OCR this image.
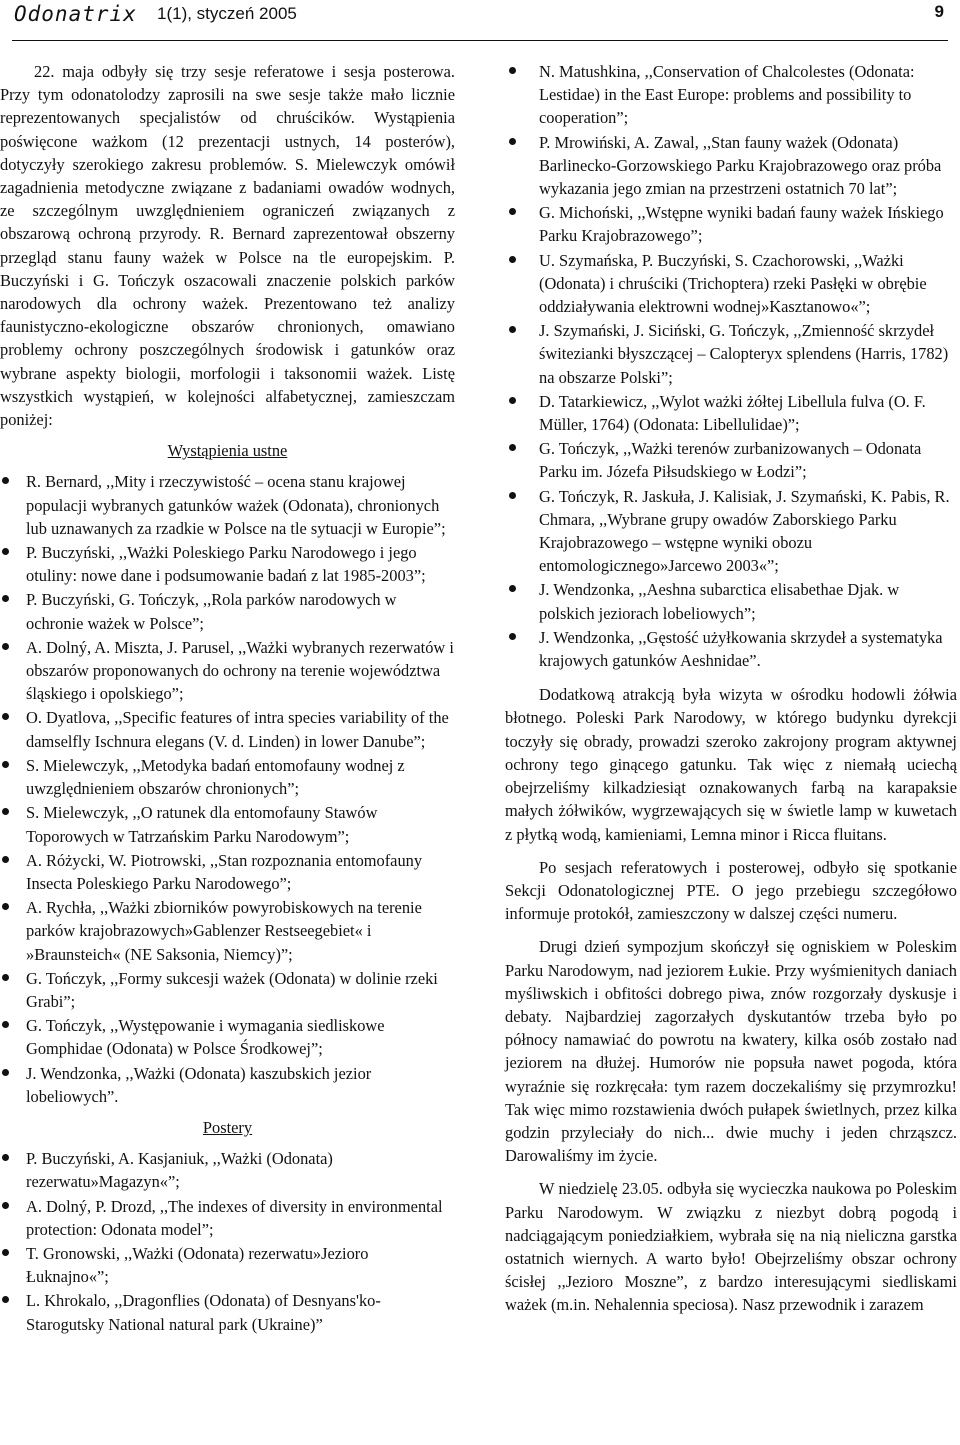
Odonatrix 1(1), styczeń 2005	9

22. maja odbyły się trzy sesje referatowe i sesja posterowa. Przy tym odonatolodzy zaprosili na swe sesje także mało licznie reprezentowanych specjalistów od chruścików. Wystąpienia poświęcone ważkom (12 prezentacji ustnych, 14 posterów), dotyczyły szerokiego zakresu problemów. S. Mielewczyk omówił zagadnienia metodyczne związane z badaniami owadów wodnych, ze szczególnym uwzględnieniem ograniczeń związanych z obszarową ochroną przyrody. R. Bernard zaprezentował obszerny przegląd stanu fauny ważek w Polsce na tle europejskim. P. Buczyński i G. Tończyk oszacowali znaczenie polskich parków narodowych dla ochrony ważek. Prezentowano też analizy faunistyczno-ekologiczne obszarów chronionych, omawiano problemy ochrony poszczególnych środowisk i gatunków oraz wybrane aspekty biologii, morfologii i taksonomii ważek. Listę wszystkich wystąpień, w kolejności alfabetycznej, zamieszczam poniżej:

Wystąpienia ustne
R. Bernard, ,,Mity i rzeczywistość – ocena stanu krajowej populacji wybranych gatunków ważek (Odonata), chronionych lub uznawanych za rzadkie w Polsce na tle sytuacji w Europie”;
P. Buczyński, ,,Ważki Poleskiego Parku Narodowego i jego otuliny: nowe dane i podsumowanie badań z lat 1985-2003”;
P. Buczyński, G. Tończyk, ,,Rola parków narodowych w ochronie ważek w Polsce”;
A. Dolný, A. Miszta, J. Parusel, ,,Ważki wybranych rezerwatów i obszarów proponowanych do ochrony na terenie województwa śląskiego i opolskiego”;
O. Dyatlova, ,,Specific features of intra species variability of the damselfly Ischnura elegans (V. d. Linden) in lower Danube”;
S. Mielewczyk, ,,Metodyka badań entomofauny wodnej z uwzględnieniem obszarów chronionych”;
S. Mielewczyk, ,,O ratunek dla entomofauny Stawów Toporowych w Tatrzańskim Parku Narodowym”;
A. Różycki, W. Piotrowski, ,,Stan rozpoznania entomofauny Insecta Poleskiego Parku Narodowego”;
A. Rychła, ,,Ważki zbiorników powyrobiskowych na terenie parków krajobrazowych»Gablenzer Restseegebiet« i »Braunsteich« (NE Saksonia, Niemcy)”;
G. Tończyk, ,,Formy sukcesji ważek (Odonata) w dolinie rzeki Grabi”;
G. Tończyk, ,,Występowanie i wymagania siedliskowe Gomphidae (Odonata) w Polsce Środkowej”;
J. Wendzonka, ,,Ważki (Odonata) kaszubskich jezior lobeliowych”.
Postery
P. Buczyński, A. Kasjaniuk, ,,Ważki (Odonata) rezerwatu»Magazyn«”;
A. Dolný, P. Drozd, ,,The indexes of diversity in environmental protection: Odonata model”;
T. Gronowski, ,,Ważki (Odonata) rezerwatu»Jezioro Łuknajno«”;
L. Khrokalo, ,,Dragonflies (Odonata) of Desnyans'ko-Starogutsky National natural park (Ukraine)”
N. Matushkina, ,,Conservation of Chalcolestes (Odonata: Lestidae) in the East Europe: problems and possibility to cooperation”;
P. Mrowiński, A. Zawal, ,,Stan fauny ważek (Odonata) Barlinecko-Gorzowskiego Parku Krajobrazowego oraz próba wykazania jego zmian na przestrzeni ostatnich 70 lat”;
G. Michoński, ,,Wstępne wyniki badań fauny ważek Ińskiego Parku Krajobrazowego”;
U. Szymańska, P. Buczyński, S. Czachorowski, ,,Ważki (Odonata) i chruściki (Trichoptera) rzeki Pasłęki w obrębie oddziaływania elektrowni wodnej»Kasztanowo«”;
J. Szymański, J. Siciński, G. Tończyk, ,,Zmienność skrzydeł świtezianki błyszczącej – Calopteryx splendens (Harris, 1782) na obszarze Polski”;
D. Tatarkiewicz, ,,Wylot ważki żółtej Libellula fulva (O. F. Müller, 1764) (Odonata: Libellulidae)”;
G. Tończyk, ,,Ważki terenów zurbanizowanych – Odonata Parku im. Józefa Piłsudskiego w Łodzi”;
G. Tończyk, R. Jaskuła, J. Kalisiak, J. Szymański, K. Pabis, R. Chmara, ,,Wybrane grupy owadów Zaborskiego Parku Krajobrazowego – wstępne wyniki obozu entomologicznego»Jarcewo 2003«”;
J. Wendzonka, ,,Aeshna subarctica elisabethae Djak. w polskich jeziorach lobeliowych”;
J. Wendzonka, ,,Gęstość użyłkowania skrzydeł a systematyka krajowych gatunków Aeshnidae”.

Dodatkową atrakcją była wizyta w ośrodku hodowli żółwia błotnego. Poleski Park Narodowy, w którego budynku dyrekcji toczyły się obrady, prowadzi szeroko zakrojony program aktywnej ochrony tego ginącego gatunku. Tak więc z niemałą uciechą obejrzeliśmy kilkadziesiąt oznakowanych farbą na karapaksie małych żółwików, wygrzewających się w świetle lamp w kuwetach z płytką wodą, kamieniami, Lemna minor i Ricca fluitans.

Po sesjach referatowych i posterowej, odbyło się spotkanie Sekcji Odonatologicznej PTE. O jego przebiegu szczegółowo informuje protokół, zamieszczony w dalszej części numeru.

Drugi dzień sympozjum skończył się ogniskiem w Poleskim Parku Narodowym, nad jeziorem Łukie. Przy wyśmienitych daniach myśliwskich i obfitości dobrego piwa, znów rozgorzały dyskusje i debaty. Najbardziej zagorzałych dyskutantów trzeba było po północy namawiać do powrotu na kwatery, kilka osób zostało nad jeziorem na dłużej. Humorów nie popsuła nawet pogoda, która wyraźnie się rozkręcała: tym razem doczekaliśmy się przymrozku! Tak więc mimo rozstawienia dwóch pułapek świetlnych, przez kilka godzin przyleciały do nich... dwie muchy i jeden chrząszcz. Darowaliśmy im życie.

W niedzielę 23.05. odbyła się wycieczka naukowa po Poleskim Parku Narodowym. W związku z niezbyt dobrą pogodą i nadciągającym poniedziałkiem, wybrała się na nią nieliczna garstka ostatnich wiernych. A warto było! Obejrzeliśmy obszar ochrony ścisłej ,,Jezioro Moszne”, z bardzo interesującymi siedliskami ważek (m.in. Nehalennia speciosa). Nasz przewodnik i zarazem
